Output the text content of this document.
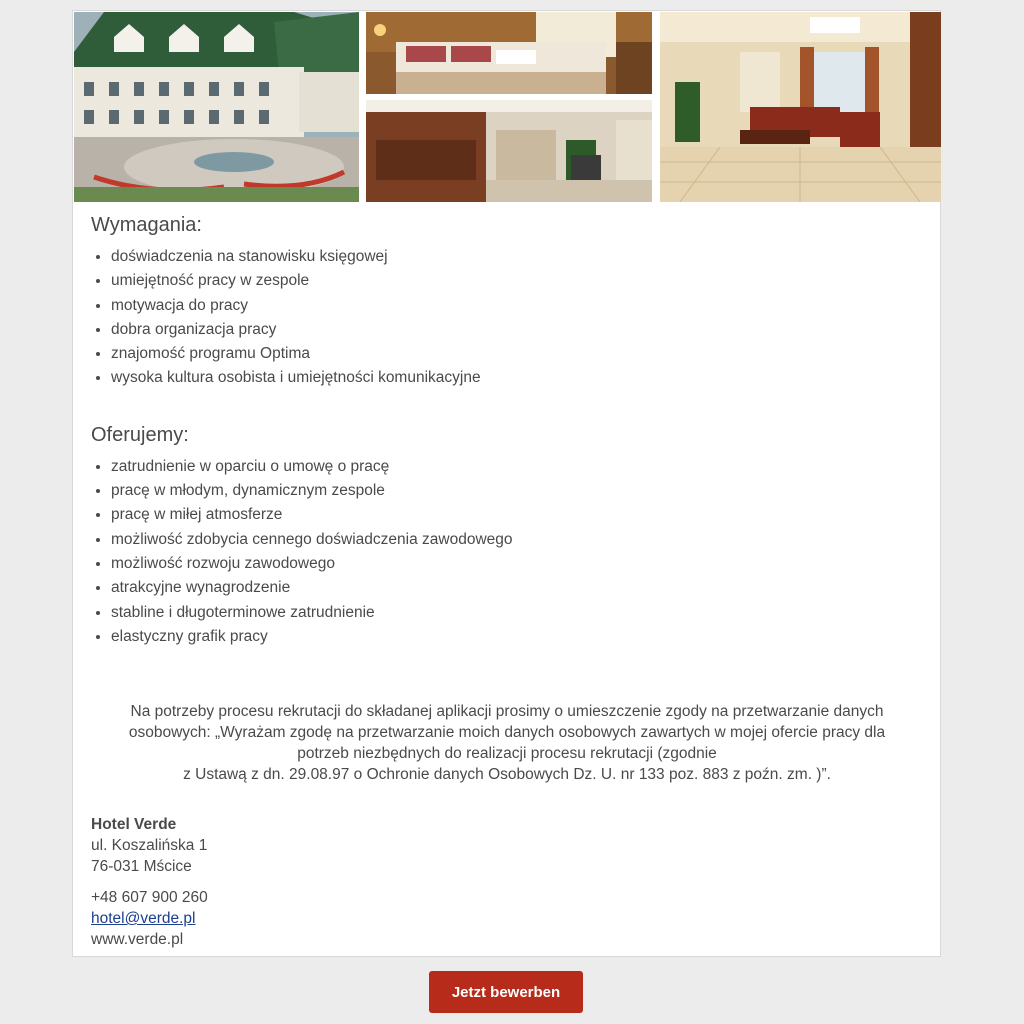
Wymagania:
• doświadczenia na stanowisku księgowej
• umiejętność pracy w zespole
• motywacja do pracy
• dobra organizacja pracy
• znajomość programu Optima
• wysoka kultura osobista i umiejętności komunikacyjne
Oferujemy:
• zatrudnienie w oparciu o umowę o pracę
• pracę w młodym, dynamicznym zespole
• pracę w miłej atmosferze
• możliwość zdobycia cennego doświadczenia zawodowego
• możliwość rozwoju zawodowego
• atrakcyjne wynagrodzenie
• stabline i długoterminowe zatrudnienie
• elastyczny grafik pracy
Na potrzeby procesu rekrutacji do składanej aplikacji prosimy o umieszczenie zgody na przetwarzanie danych
osobowych: „Wyrażam zgodę na przetwarzanie moich danych osobowych zawartych w mojej ofercie pracy dla
potrzeb niezbędnych do realizacji procesu rekrutacji (zgodnie
z Ustawą z dn. 29.08.97 o Ochronie danych Osobowych Dz. U. nr 133 poz. 883 z poźn. zm. )”.
Hotel Verde
ul. Koszalińska 1
76-031 Mścice
+48 607 900 260
hotel@verde.pl
www.verde.pl
Jetzt bewerben
